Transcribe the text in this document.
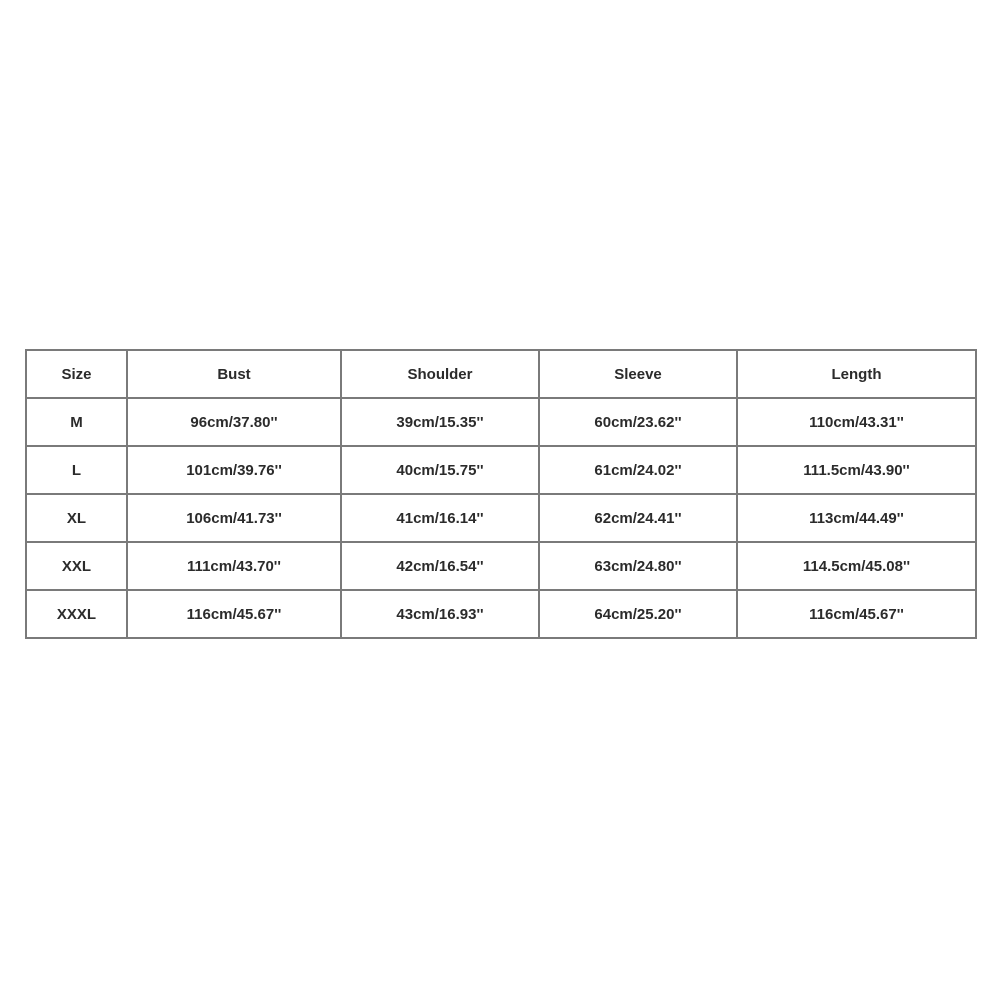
Size	Bust	Shoulder	Sleeve	Length
M	96cm/37.80''	39cm/15.35''	60cm/23.62''	110cm/43.31''
L	101cm/39.76''	40cm/15.75''	61cm/24.02''	111.5cm/43.90''
XL	106cm/41.73''	41cm/16.14''	62cm/24.41''	113cm/44.49''
XXL	111cm/43.70''	42cm/16.54''	63cm/24.80''	114.5cm/45.08''
XXXL	116cm/45.67''	43cm/16.93''	64cm/25.20''	116cm/45.67''
